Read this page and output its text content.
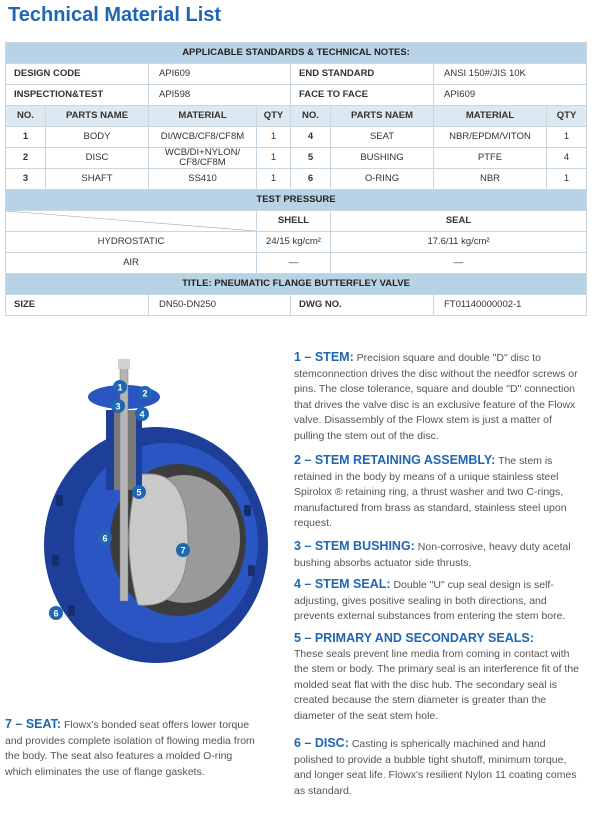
Technical Material List
APPLICABLE STANDARDS & TECHNICAL NOTES:							
DESIGN CODE		API609		END STANDARD		ANSI 150#/JIS 10K	
INSPECTION&TEST		API598		FACE TO FACE		API609	
NO.	PARTS NAME	MATERIAL	QTY	NO.	PARTS NAEM	MATERIAL	QTY
1	BODY	DI/WCB/CF8/CF8M	1	4	SEAT	NBR/EPDM/VITON	1
2	DISC	WCB/DI+NYLON/ CF8/CF8M	1	5	BUSHING	PTFE	4
3	SHAFT	SS410	1	6	O-RING	NBR	1
TEST PRESSURE							

	SHELL		SEAL		
HYDROSTATIC			24/15 kg/cm²		17.6/11 kg/cm²		
AIR			—		—		
TITLE: PNEUMATIC FLANGE BUTTERFLEY VALVE							
SIZE		DN50-DN250		DWG NO.		FT01140000002-1	
1
2
3
4
5
6
7
6
1 – STEM: Precision square and double "D" disc to stemconnection drives the disc without the needfor screws or pins. The close tolerance, square and double "D" connection that drives the valve disc is an exclusive feature of the Flowx valve. Disassembly of the Flowx stem is just a matter of pulling the stem out of the disc.
2 – STEM RETAINING ASSEMBLY: The stem is retained in the body by means of a unique stainless steel Spirolox ® retaining ring, a thrust washer and two C-rings, manufactured from brass as standard, stainless steel upon request.
3 – STEM BUSHING: Non-corrosive, heavy duty acetal bushing absorbs actuator side thrusts.
4 – STEM SEAL: Double "U" cup seal design is self-adjusting, gives positive sealing in both directions, and prevents external substances from entering the stem bore.
5 – PRIMARY AND SECONDARY SEALS:
These seals prevent line media from coming in contact with the stem or body. The primary seal is an interference fit of the molded seat flat with the disc hub. The secondary seal is created because the stem diameter is greater than the diameter of the seat stem hole.
6 – DISC: Casting is spherically machined and hand polished to provide a bubble tight shutoff, minimum torque, and longer seat life. Flowx's resilient Nylon 11 coating comes as standard.
7 – SEAT: Flowx's bonded seat offers lower torque and provides complete isolation of flowing media from the body. The seat also features a molded O-ring which eliminates the use of flange gaskets.
